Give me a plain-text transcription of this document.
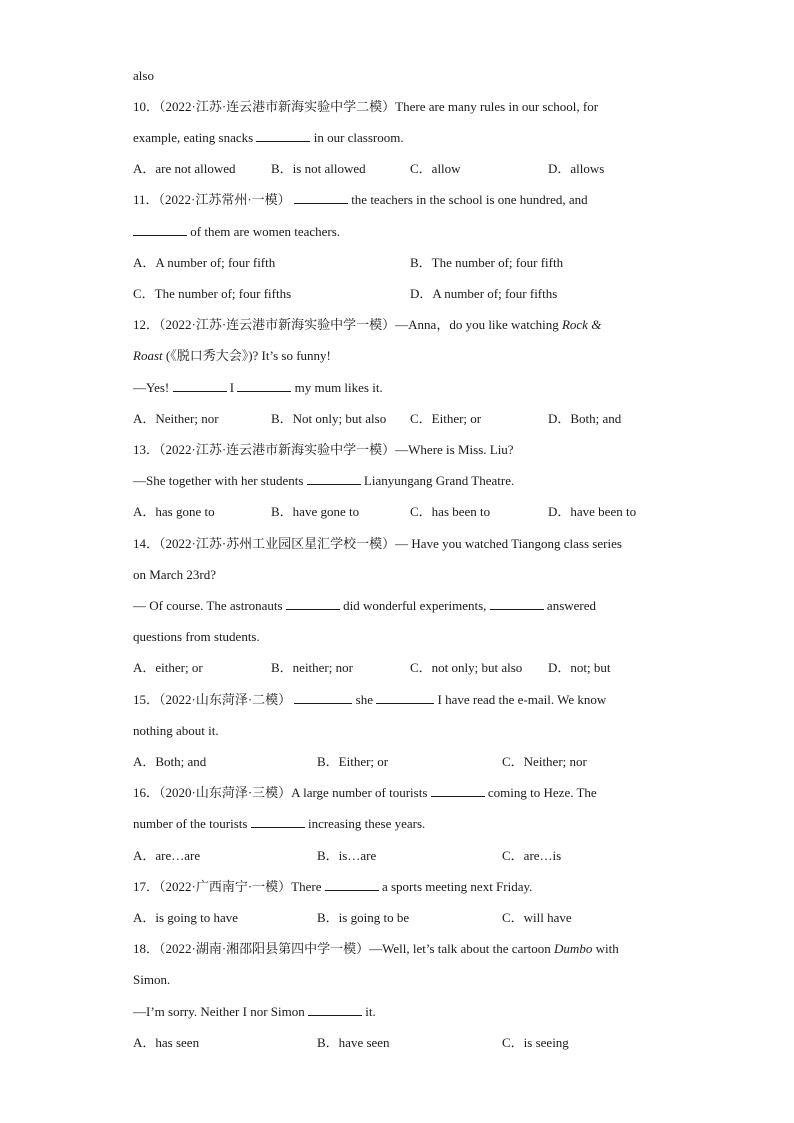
also
10．（2022·江苏·连云港市新海实验中学二模）There are many rules in our school, for
example, eating snacks	in our classroom.
A．are not allowed	B．is not allowed	C．allow	D．allows
11．（2022·江苏常州·一模）	the teachers in the school is one hundred, and
of them are women teachers.
A．A number of; four fifth	B．The number of; four fifth
C．The number of; four fifths	D．A number of; four fifths
12．（2022·江苏·连云港市新海实验中学一模）—Anna，do you like watching Rock &
Roast (《脱口秀大会》)? It’s so funny!
—Yes!	I	my mum likes it.
A．Neither; nor	B．Not only; but also C．Either; or	D．Both; and
13．（2022·江苏·连云港市新海实验中学一模）—Where is Miss. Liu?
—She together with her students	Lianyungang Grand Theatre.
A．has gone to	B．have gone to	C．has been to	D．have been to
14．（2022·江苏·苏州工业园区星汇学校一模）— Have you watched Tiangong class series
on March 23rd?
— Of course. The astronauts	did wonderful experiments,	answered
questions from students.
A．either; or	B．neither; nor	C．not only; but also D．not; but
15．（2022·山东菏泽·二模）	she	I have read the e-mail. We know
nothing about it.
A．Both; and	B．Either; or	C．Neither; nor
16．（2020·山东菏泽·三模）A large number of tourists	coming to Heze. The
number of the tourists	increasing these years.
A．are…are	B．is…are	C．are…is
17．（2022·广西南宁·一模）There	a sports meeting next Friday.
A．is going to have	B．is going to be	C．will have
18．（2022·湖南·湘邵阳县第四中学一模）—Well, let’s talk about the cartoon Dumbo with
Simon.
—I’m sorry. Neither I nor Simon	it.
A．has seen	B．have seen	C．is seeing
